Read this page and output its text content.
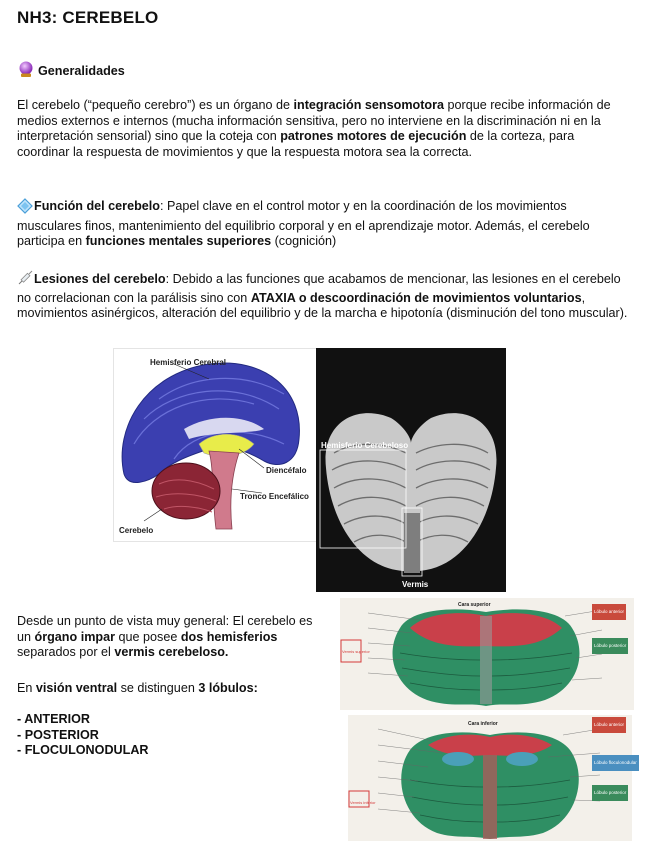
NH3: CEREBELO
Generalidades

El cerebelo (“pequeño cerebro”) es un órgano de integración sensomotora porque recibe información de medios externos e internos (mucha información sensitiva, pero no interviene en la discriminación ni en la interpretación sensorial) sino que la coteja con patrones motores de ejecución de la corteza, para coordinar la respuesta de movimientos y que la respuesta motora sea la correcta.

Función del cerebelo: Papel clave en el control motor y en la coordinación de los movimientos musculares finos, mantenimiento del equilibrio corporal y en el aprendizaje motor. Además, el cerebelo participa en funciones mentales superiores (cognición)

Lesiones del cerebelo: Debido a las funciones que acabamos de mencionar, las lesiones en el cerebelo no correlacionan con la parálisis sino con ATAXIA o descoordinación de movimientos voluntarios, movimientos asinérgicos, alteración del equilibrio y de la marcha e hipotonía (disminución del tono muscular).

Hemisferio Cerebral
Diencéfalo
Tronco Encefálico
Cerebelo
Hemisferio Cerebeloso
Vermis
Cara superior
Vermis superior
Lóbulo anterior
Lóbulo posterior
Cara inferior
Vermis inferior
Lóbulo anterior
Lóbulo floculonodular
Lóbulo posterior

Desde un punto de vista muy general: El cerebelo es un órgano impar que posee dos hemisferios separados por el vermis cerebeloso.

En visión ventral se distinguen 3 lóbulos:

- ANTERIOR
- POSTERIOR
- FLOCULONODULAR
